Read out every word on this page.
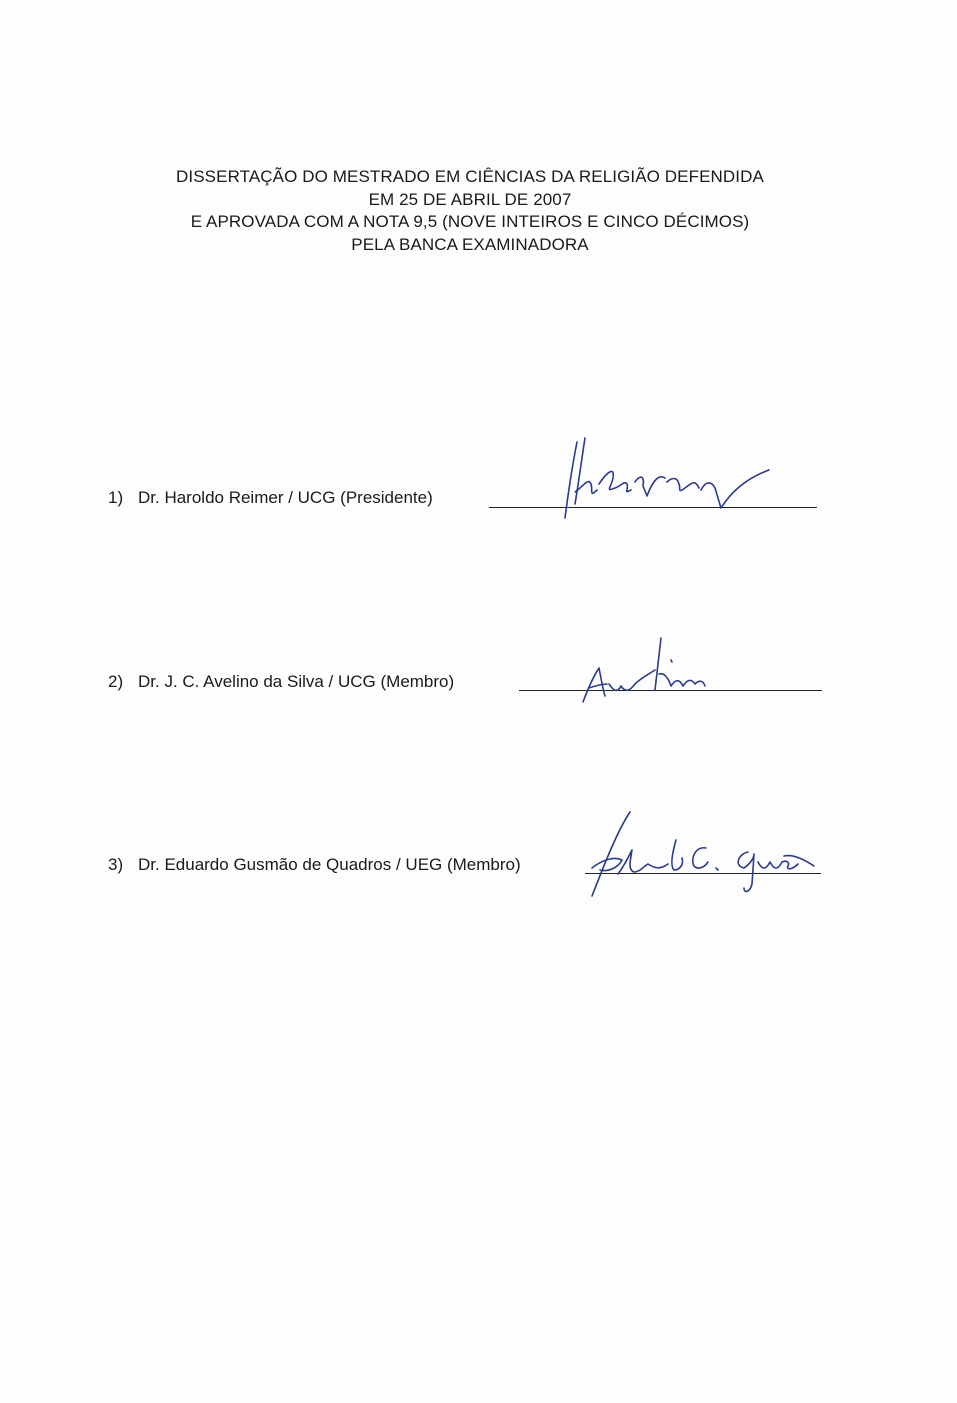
DISSERTAÇÃO DO MESTRADO EM CIÊNCIAS DA RELIGIÃO DEFENDIDA
EM 25 DE ABRIL DE 2007
E APROVADA COM A NOTA 9,5 (NOVE INTEIROS E CINCO DÉCIMOS)
PELA BANCA EXAMINADORA
1) Dr. Haroldo Reimer / UCG (Presidente)
2) Dr. J. C. Avelino da Silva / UCG (Membro)
3) Dr. Eduardo Gusmão de Quadros / UEG (Membro)
